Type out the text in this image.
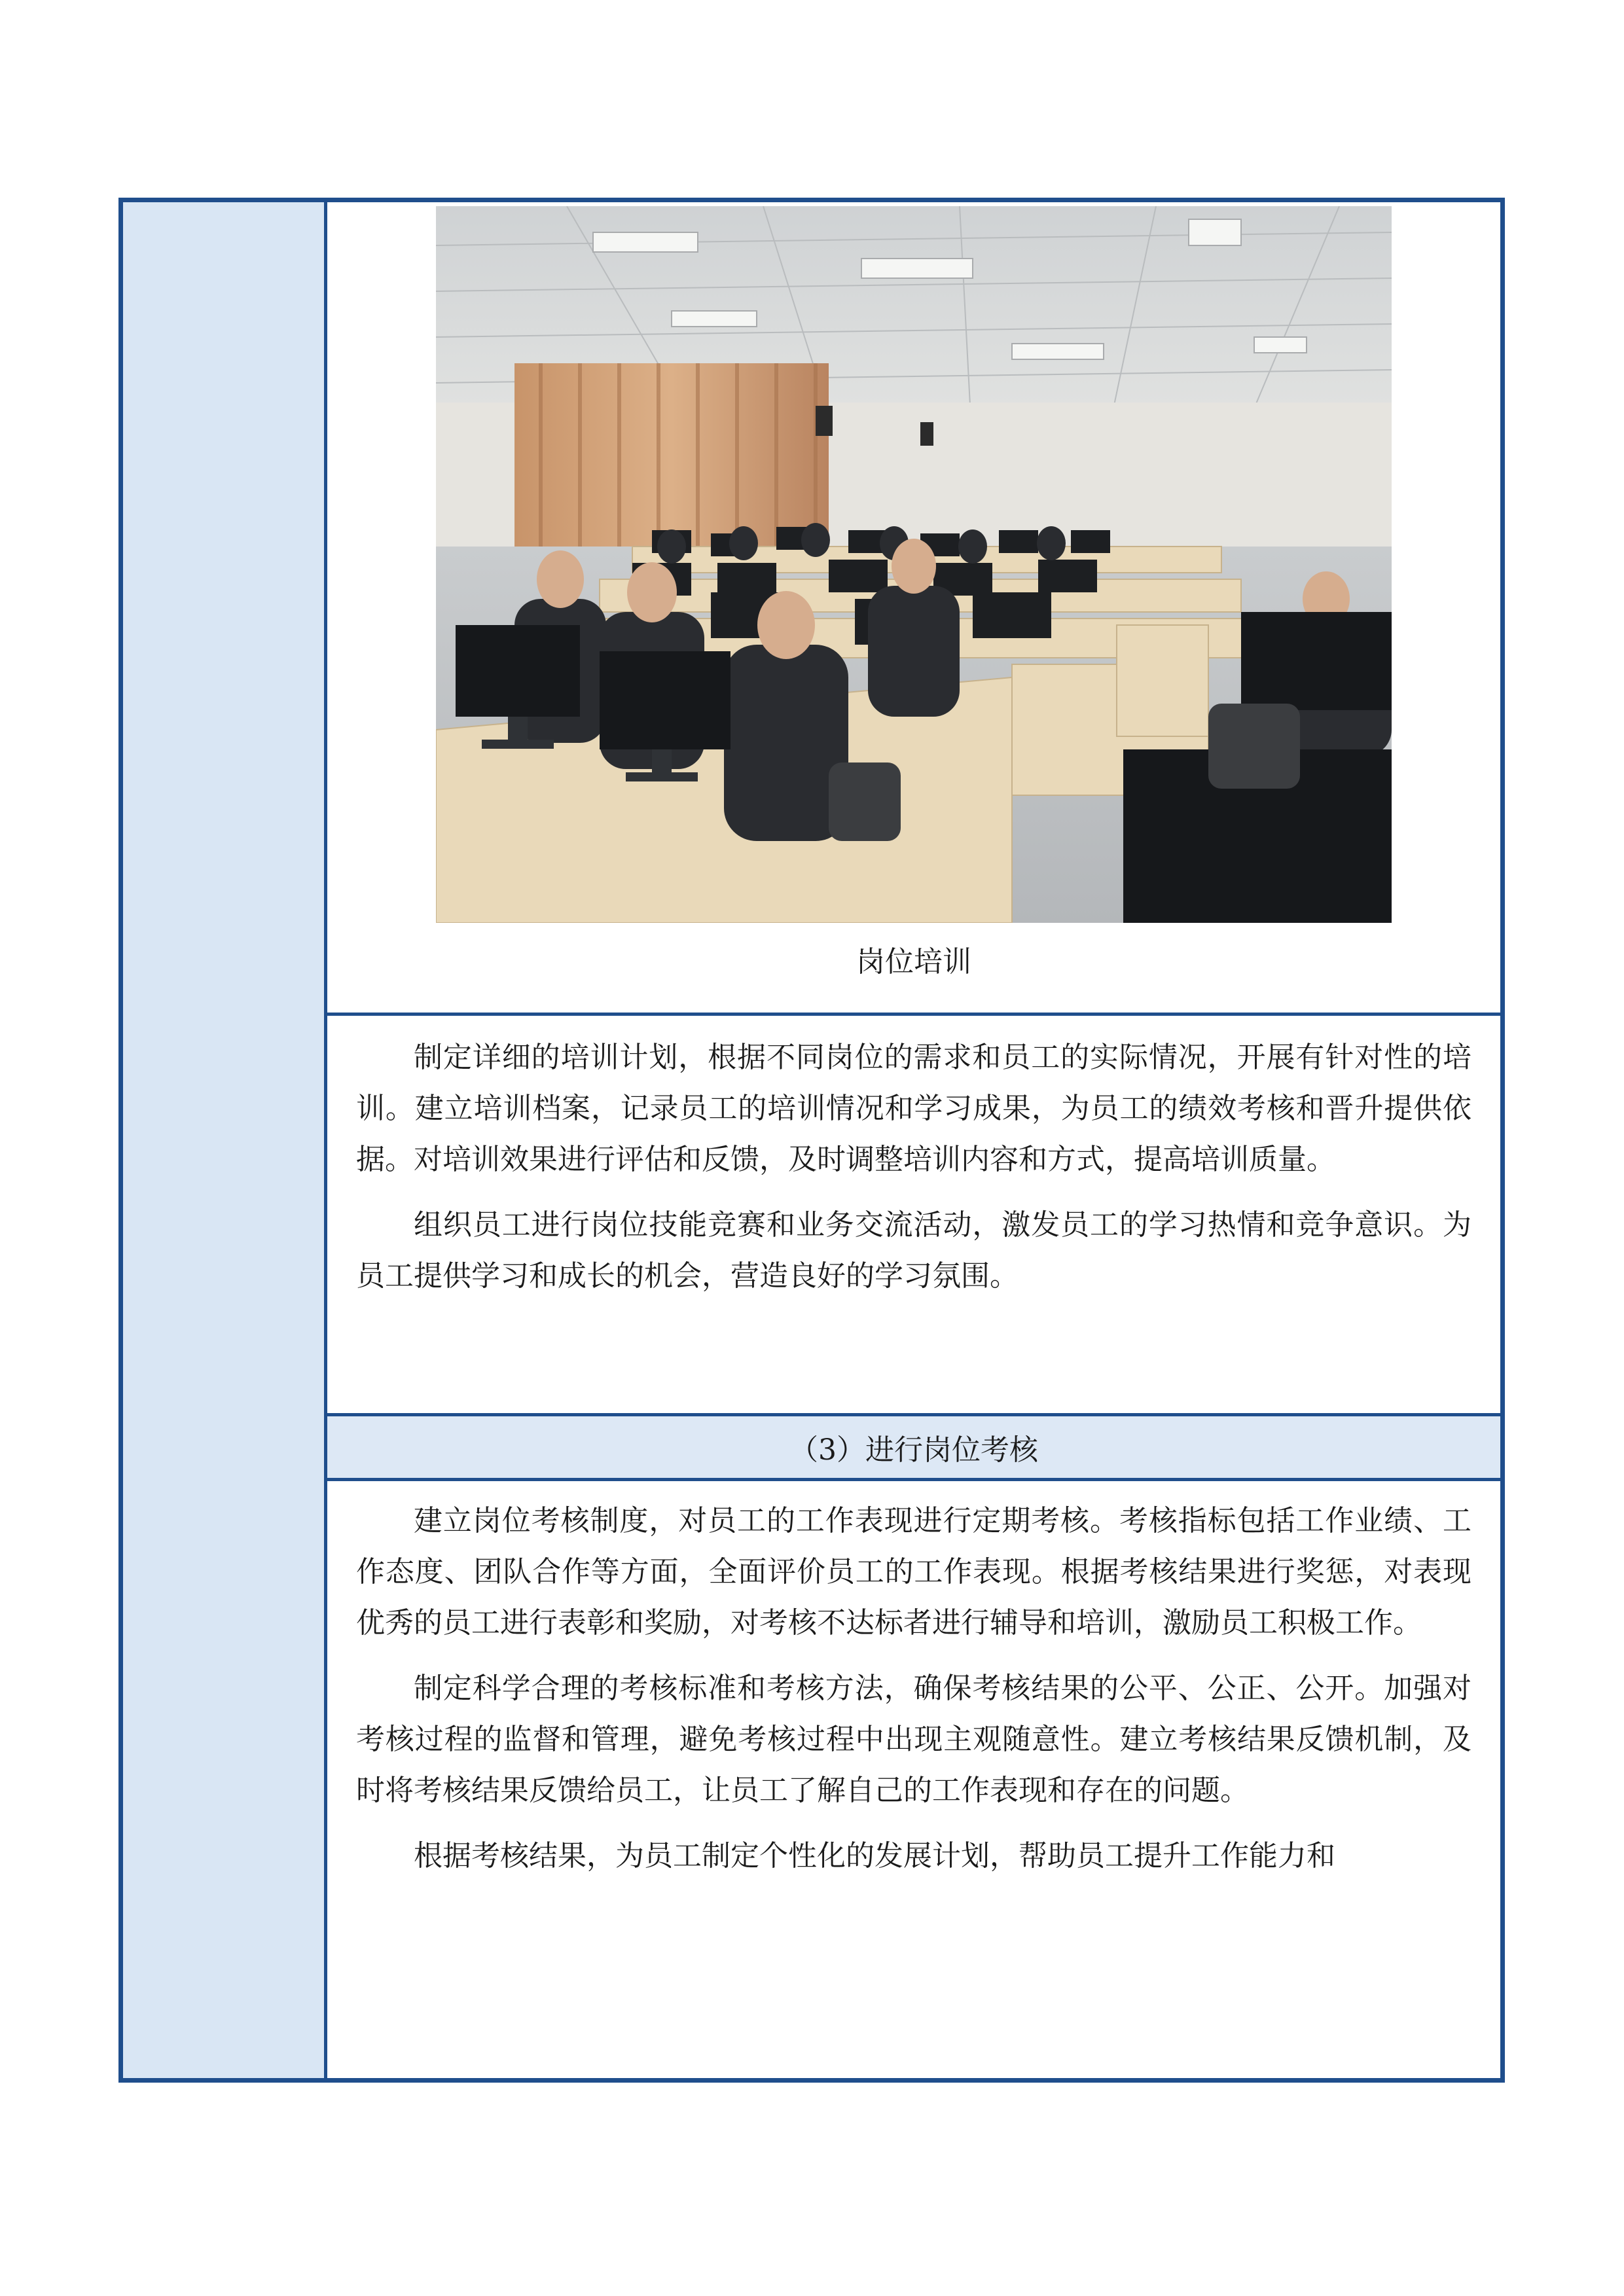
岗位培训

制定详细的培训计划，根据不同岗位的需求和员工的实际情况，开展有针对性的培训。建立培训档案，记录员工的培训情况和学习成果，为员工的绩效考核和晋升提供依据。对培训效果进行评估和反馈，及时调整培训内容和方式，提高培训质量。

组织员工进行岗位技能竞赛和业务交流活动，激发员工的学习热情和竞争意识。为员工提供学习和成长的机会，营造良好的学习氛围。

（3）进行岗位考核

建立岗位考核制度，对员工的工作表现进行定期考核。考核指标包括工作业绩、工作态度、团队合作等方面，全面评价员工的工作表现。根据考核结果进行奖惩，对表现优秀的员工进行表彰和奖励，对考核不达标者进行辅导和培训，激励员工积极工作。

制定科学合理的考核标准和考核方法，确保考核结果的公平、公正、公开。加强对考核过程的监督和管理，避免考核过程中出现主观随意性。建立考核结果反馈机制，及时将考核结果反馈给员工，让员工了解自己的工作表现和存在的问题。

根据考核结果，为员工制定个性化的发展计划，帮助员工提升工作能力和
